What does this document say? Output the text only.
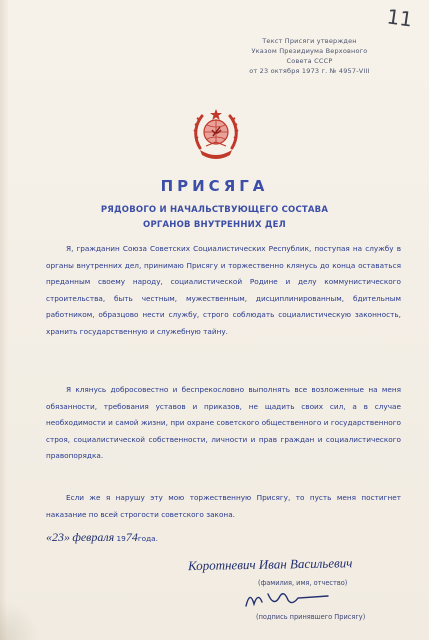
11
Текст Присяги утвержден
Указом Президиума Верховного
Совета СССР
от 23 октября 1973 г. № 4957-VIII
ПРИСЯГА
РЯДОВОГО И НАЧАЛЬСТВУЮЩЕГО СОСТАВА
ОРГАНОВ ВНУТРЕННИХ ДЕЛ

Я, гражданин Союза Советских Социалистических Республик, поступая на службу в органы внутренних дел, принимаю Присягу и торжественно клянусь до конца оставаться преданным своему народу, социалистической Родине и делу коммунистического строительства, быть честным, мужественным, дисциплинированным, бдительным работником, образцово нести службу, строго соблюдать социалистическую законность, хранить государственную и служебную тайну.

Я клянусь добросовестно и беспрекословно выполнять все возложенные на меня обязанности, требования уставов и приказов, не щадить своих сил, а в случае необходимости и самой жизни, при охране советского общественного и государственного строя, социалистической собственности, личности и прав граждан и социалистического правопорядка.

Если же я нарушу эту мою торжественную Присягу, то пусть меня постигнет наказание по всей строгости советского закона.

«23» февраля 1974года.
Коротневич Иван Васильевич
(фамилия, имя, отчество)
(подпись принявшего Присягу)
